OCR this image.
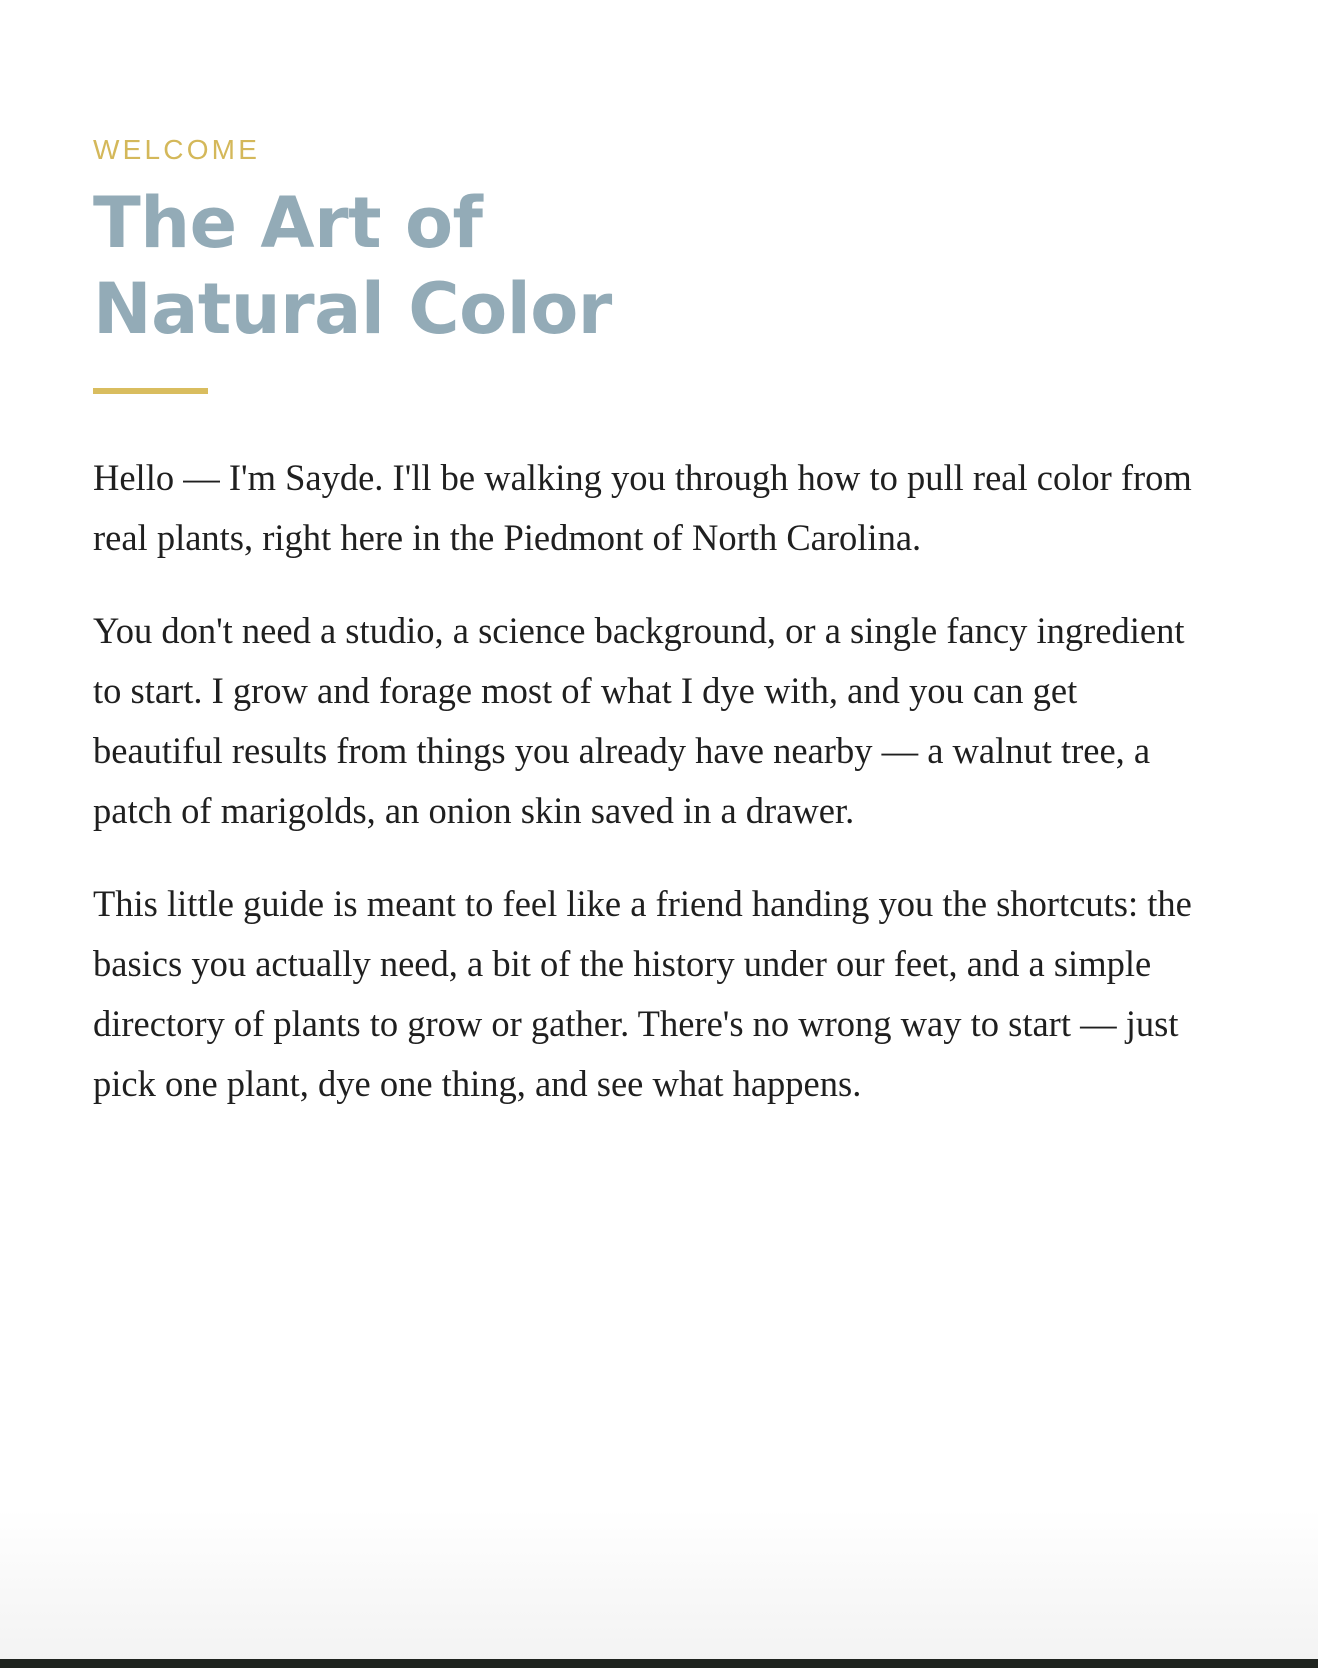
WELCOME
The Art of
Natural Color

Hello — I'm Sayde. I'll be walking you through how to pull real color from real plants, right here in the Piedmont of North Carolina.

You don't need a studio, a science background, or a single fancy ingredient to start. I grow and forage most of what I dye with, and you can get beautiful results from things you already have nearby — a walnut tree, a patch of marigolds, an onion skin saved in a drawer.

This little guide is meant to feel like a friend handing you the shortcuts: the basics you actually need, a bit of the history under our feet, and a simple directory of plants to grow or gather. There's no wrong way to start — just pick one plant, dye one thing, and see what happens.
